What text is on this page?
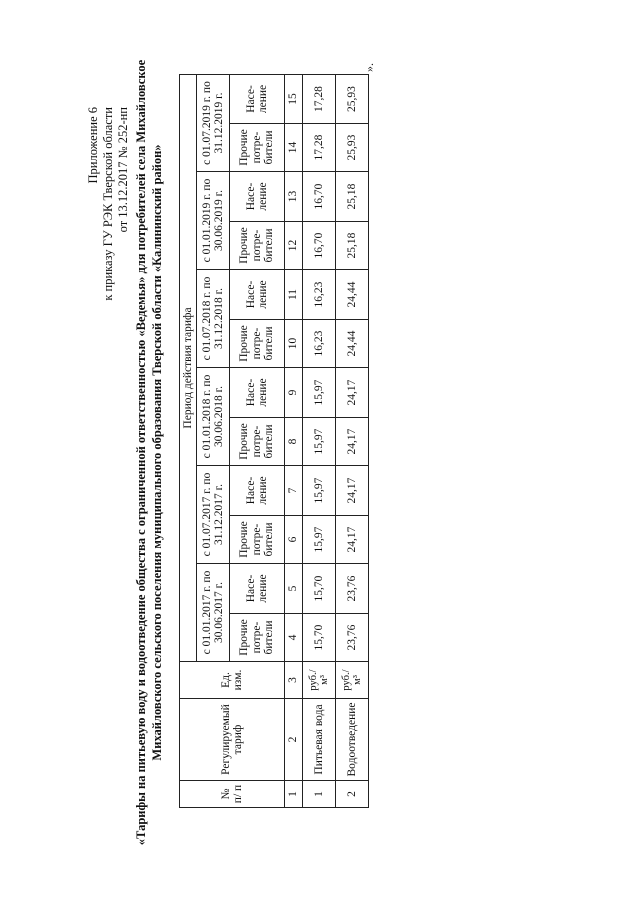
Приложение 6 к приказу ГУ РЭК Тверской области от 13.12.2017 № 252-нп «Тарифы на питьевую воду и водоотведение общества с ограниченной ответственностью «Ведемья» для потребителей села Михайловское Михайловского сельского поселения муниципального образования Тверской области «Калининский район»
№ п/ п	Регулируемый тариф	Ед. изм.	Период действия тарифа											
			с 01.01.2017 г. по 30.06.2017 г.		с 01.07.2017 г. по 31.12.2017 г.		с 01.01.2018 г. по 30.06.2018 г.		с 01.07.2018 г. по 31.12.2018 г.		с 01.01.2019 г. по 30.06.2019 г.		с 01.07.2019 г. по 31.12.2019 г.	
			Прочие потре- бители	Насе- ление	Прочие потре- бители	Насе- ление	Прочие потре- бители	Насе- ление	Прочие потре- бители	Насе- ление	Прочие потре- бители	Насе- ление	Прочие потре- бители	Насе- ление
1	2	3	4	5	6	7	8	9	10	11	12	13	14	15
1	Питьевая вода	руб./ м³	15,70	15,70	15,97	15,97	15,97	15,97	16,23	16,23	16,70	16,70	17,28	17,28
2	Водоотведение	руб./ м³	23,76	23,76	24,17	24,17	24,17	24,17	24,44	24,44	25,18	25,18	25,93	25,93
».
